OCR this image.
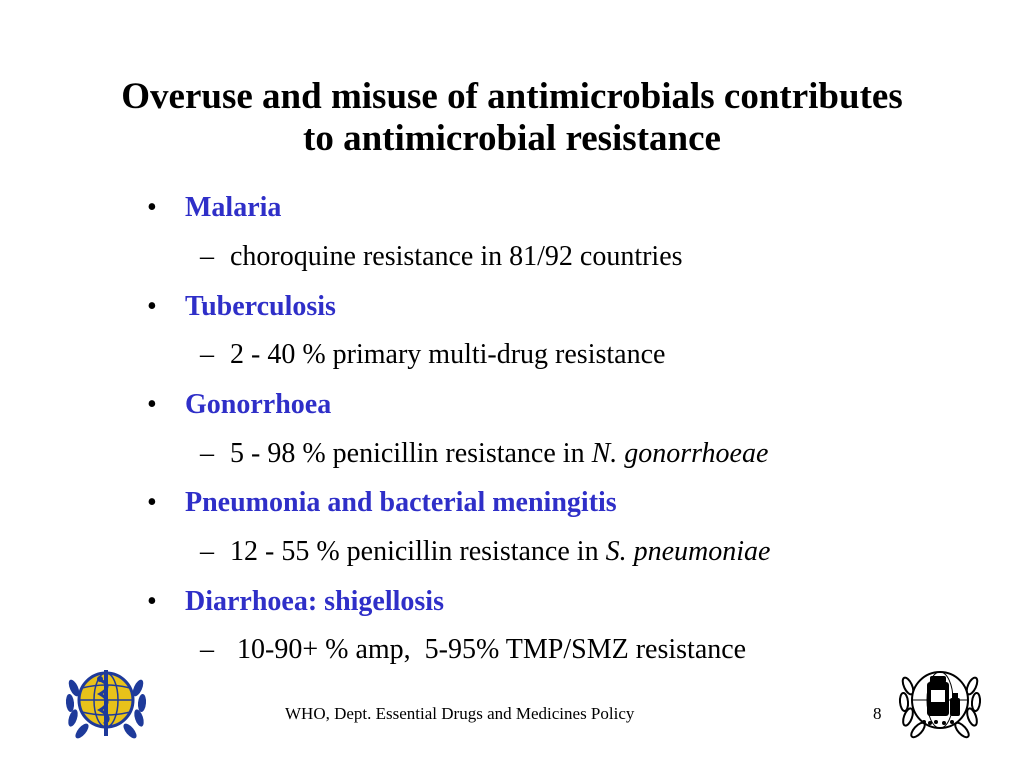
Overuse and misuse of antimicrobials contributes
to antimicrobial resistance
• Malaria
– choroquine resistance in 81/92 countries
• Tuberculosis
– 2 - 40 % primary multi-drug resistance
• Gonorrhoea
– 5 - 98 % penicillin resistance in N. gonorrhoeae
• Pneumonia and bacterial meningitis
– 12 - 55 % penicillin resistance in S. pneumoniae
• Diarrhoea: shigellosis
– 10-90+ % amp,  5-95% TMP/SMZ resistance
WHO, Dept. Essential Drugs and Medicines Policy	8
